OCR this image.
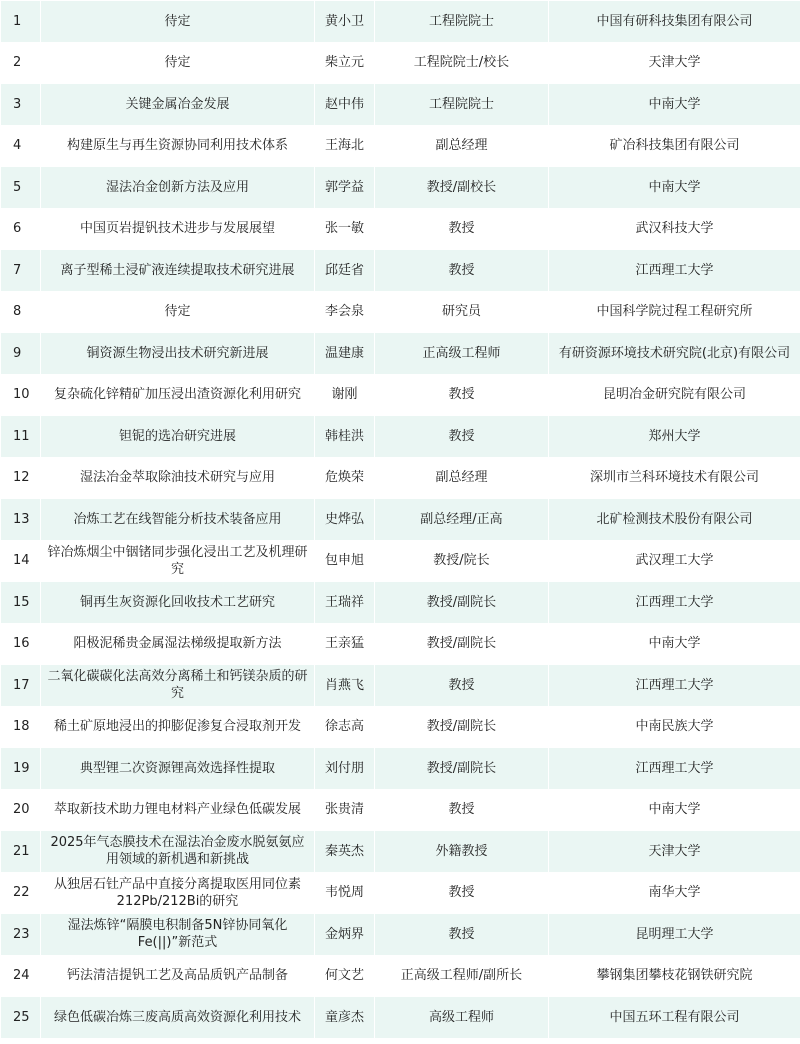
1	待定	黄小卫	工程院院士	中国有研科技集团有限公司
2	待定	柴立元	工程院院士/校长	天津大学
3	关键金属冶金发展	赵中伟	工程院院士	中南大学
4	构建原生与再生资源协同利用技术体系	王海北	副总经理	矿冶科技集团有限公司
5	湿法冶金创新方法及应用	郭学益	教授/副校长	中南大学
6	中国页岩提钒技术进步与发展展望	张一敏	教授	武汉科技大学
7	离子型稀土浸矿液连续提取技术研究进展	邱廷省	教授	江西理工大学
8	待定	李会泉	研究员	中国科学院过程工程研究所
9	铜资源生物浸出技术研究新进展	温建康	正高级工程师	有研资源环境技术研究院(北京)有限公司
10	复杂硫化锌精矿加压浸出渣资源化利用研究	谢刚	教授	昆明冶金研究院有限公司
11	钽铌的选冶研究进展	韩桂洪	教授	郑州大学
12	湿法冶金萃取除油技术研究与应用	危焕荣	副总经理	深圳市兰科环境技术有限公司
13	冶炼工艺在线智能分析技术装备应用	史烨弘	副总经理/正高	北矿检测技术股份有限公司
14	锌冶炼烟尘中铟锗同步强化浸出工艺及机理研究	包申旭	教授/院长	武汉理工大学
15	铜再生灰资源化回收技术工艺研究	王瑞祥	教授/副院长	江西理工大学
16	阳极泥稀贵金属湿法梯级提取新方法	王亲猛	教授/副院长	中南大学
17	二氧化碳碳化法高效分离稀土和钙镁杂质的研究	肖燕飞	教授	江西理工大学
18	稀土矿原地浸出的抑膨促渗复合浸取剂开发	徐志高	教授/副院长	中南民族大学
19	典型锂二次资源锂高效选择性提取	刘付朋	教授/副院长	江西理工大学
20	萃取新技术助力锂电材料产业绿色低碳发展	张贵清	教授	中南大学
21	2025年气态膜技术在湿法冶金废水脱氨氨应用领域的新机遇和新挑战	秦英杰	外籍教授	天津大学
22	从独居石钍产品中直接分离提取医用同位素212Pb/212Bi的研究	韦悦周	教授	南华大学
23	湿法炼锌“隔膜电积制备5N锌协同氧化Fe(||)”新范式	金炳界	教授	昆明理工大学
24	钙法清洁提钒工艺及高品质钒产品制备	何文艺	正高级工程师/副所长	攀钢集团攀枝花钢铁研究院
25	绿色低碳冶炼三废高质高效资源化利用技术	童彦杰	高级工程师	中国五环工程有限公司
